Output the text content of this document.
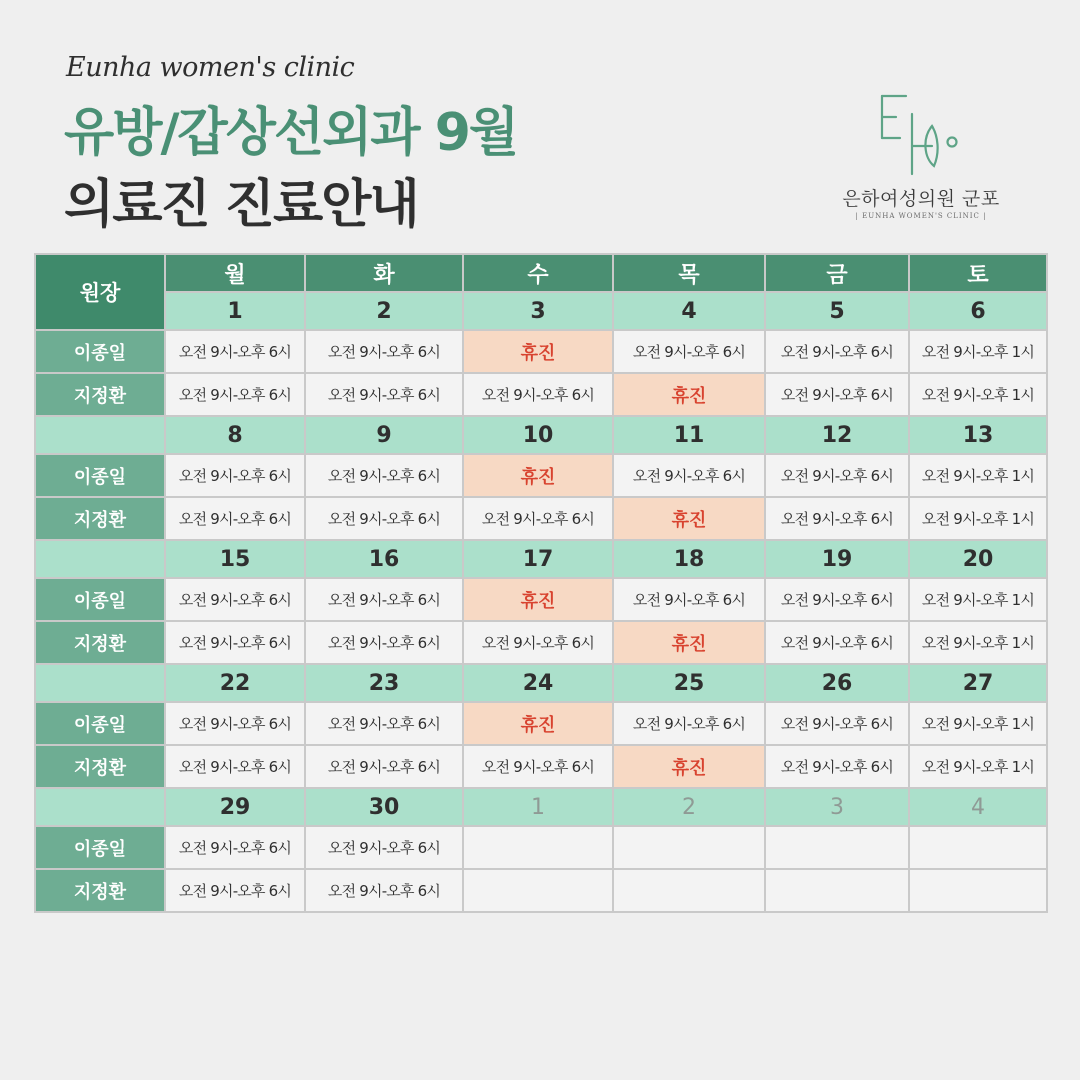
Eunha women's clinic
유방/갑상선외과 9월
의료진 진료안내	은하여성의원 군포
| EUNHA WOMEN'S CLINIC |
원장	월	화	수	목	금	토
	1	2	3	4	5	6
이종일	오전 9시-오후 6시	오전 9시-오후 6시	휴진	오전 9시-오후 6시	오전 9시-오후 6시	오전 9시-오후 1시
지정환	오전 9시-오후 6시	오전 9시-오후 6시	오전 9시-오후 6시	휴진	오전 9시-오후 6시	오전 9시-오후 1시
	8	9	10	11	12	13
이종일	오전 9시-오후 6시	오전 9시-오후 6시	휴진	오전 9시-오후 6시	오전 9시-오후 6시	오전 9시-오후 1시
지정환	오전 9시-오후 6시	오전 9시-오후 6시	오전 9시-오후 6시	휴진	오전 9시-오후 6시	오전 9시-오후 1시
	15	16	17	18	19	20
이종일	오전 9시-오후 6시	오전 9시-오후 6시	휴진	오전 9시-오후 6시	오전 9시-오후 6시	오전 9시-오후 1시
지정환	오전 9시-오후 6시	오전 9시-오후 6시	오전 9시-오후 6시	휴진	오전 9시-오후 6시	오전 9시-오후 1시
	22	23	24	25	26	27
이종일	오전 9시-오후 6시	오전 9시-오후 6시	휴진	오전 9시-오후 6시	오전 9시-오후 6시	오전 9시-오후 1시
지정환	오전 9시-오후 6시	오전 9시-오후 6시	오전 9시-오후 6시	휴진	오전 9시-오후 6시	오전 9시-오후 1시
	29	30	1	2	3	4
이종일	오전 9시-오후 6시	오전 9시-오후 6시				
지정환	오전 9시-오후 6시	오전 9시-오후 6시				
